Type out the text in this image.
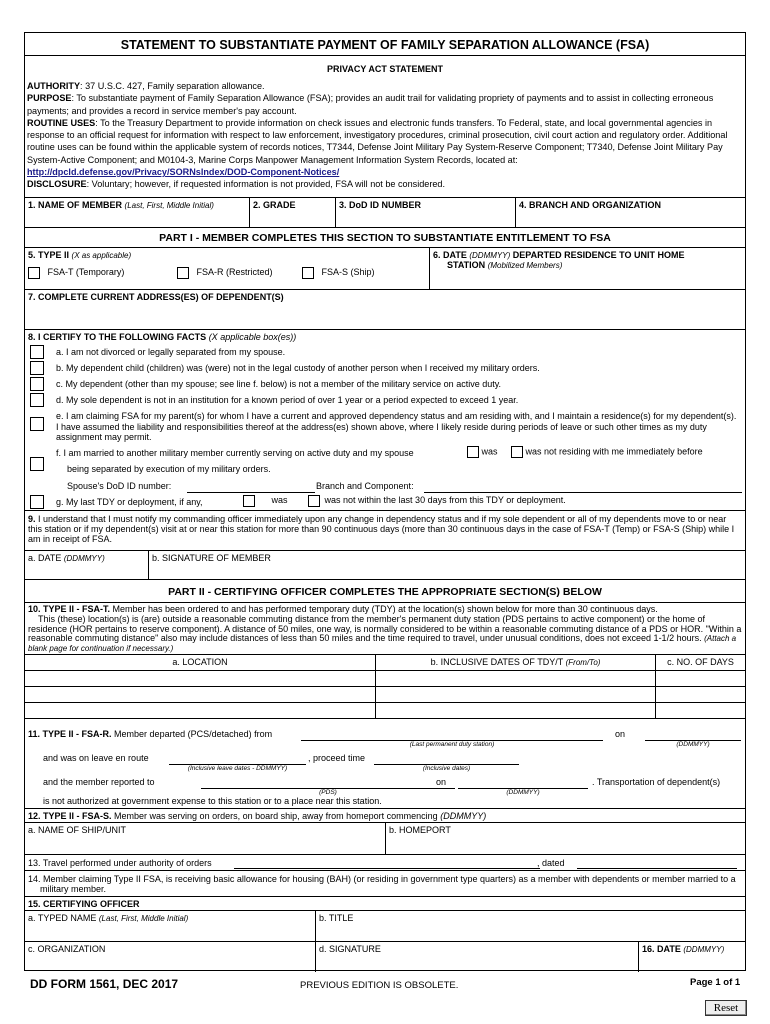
STATEMENT TO SUBSTANTIATE PAYMENT OF FAMILY SEPARATION ALLOWANCE (FSA)
PRIVACY ACT STATEMENT
AUTHORITY: 37 U.S.C. 427, Family separation allowance.
PURPOSE: To substantiate payment of Family Separation Allowance (FSA); provides an audit trail for validating propriety of payments and to assist in collecting erroneous payments; and provides a record in service member's pay account.
ROUTINE USES: To the Treasury Department to provide information on check issues and electronic funds transfers. To Federal, state, and local governmental agencies in response to an official request for information with respect to law enforcement, investigatory procedures, criminal prosecution, civil court action and regulatory order. Additional routine uses can be found within the applicable system of records notices, T7344, Defense Joint Military Pay System-Reserve Component; T7340, Defense Joint Military Pay System-Active Component; and M0104-3, Marine Corps Manpower Management Information System Records, located at: http://dpcld.defense.gov/Privacy/SORNsIndex/DOD-Component-Notices/
DISCLOSURE: Voluntary; however, if requested information is not provided, FSA will not be considered.
1. NAME OF MEMBER (Last, First, Middle Initial)	2. GRADE	3. DoD ID NUMBER	4. BRANCH AND ORGANIZATION
PART I - MEMBER COMPLETES THIS SECTION TO SUBSTANTIATE ENTITLEMENT TO FSA
5. TYPE II (X as applicable)
FSA-T (Temporary)	FSA-R (Restricted)	FSA-S (Ship)
6. DATE (DDMMYY) DEPARTED RESIDENCE TO UNIT HOME
STATION (Mobilized Members)
7. COMPLETE CURRENT ADDRESS(ES) OF DEPENDENT(S)
8. I CERTIFY TO THE FOLLOWING FACTS (X applicable box(es))
a. I am not divorced or legally separated from my spouse.
b. My dependent child (children) was (were) not in the legal custody of another person when I received my military orders.
c. My dependent (other than my spouse; see line f. below) is not a member of the military service on active duty.
d. My sole dependent is not in an institution for a known period of over 1 year or a period expected to exceed 1 year.
e. I am claiming FSA for my parent(s) for whom I have a current and approved dependency status and am residing with, and I maintain a residence(s) for my dependent(s). I have assumed the liability and responsibilities thereof at the address(es) shown above, where I likely reside during periods of leave or such other times as my duty assignment may permit.
f. I am married to another military member currently serving on active duty and my spouse	was	was not residing with me immediately before
being separated by execution of my military orders.
Spouse's DoD ID number:	Branch and Component:
g. My last TDY or deployment, if any,	was	was not within the last 30 days from this TDY or deployment.
9. I understand that I must notify my commanding officer immediately upon any change in dependency status and if my sole dependent or all of my dependents move to or near this station or if my dependent(s) visit at or near this station for more than 90 continuous days (more than 30 continuous days in the case of FSA-T (Temp) or FSA-S (Ship) while I am in receipt of FSA.
a. DATE (DDMMYY)	b. SIGNATURE OF MEMBER
PART II - CERTIFYING OFFICER COMPLETES THE APPROPRIATE SECTION(S) BELOW
10. TYPE II - FSA-T. Member has been ordered to and has performed temporary duty (TDY) at the location(s) shown below for more than 30 continuous days.
This (these) location(s) is (are) outside a reasonable commuting distance from the member's permanent duty station (PDS pertains to active component) or the home of residence (HOR pertains to reserve component). A distance of 50 miles, one way, is normally considered to be within a reasonable commuting distance of a PDS or HOR. "Within a reasonable commuting distance" also may include distances of less than 50 miles and the time required to travel, under unusual conditions, does not exceed 1-1/2 hours. (Attach a blank page for continuation if necessary.)
a. LOCATION	b. INCLUSIVE DATES OF TDY/T (From/To)	c. NO. OF DAYS
11. TYPE II - FSA-R. Member departed (PCS/detached) from
(Last permanent duty station)
on
(DDMMYY)
and was on leave en route
(Inclusive leave dates - DDMMYY)
, proceed time
(Inclusive dates)
and the member reported to
(PDS)
on
(DDMMYY)
. Transportation of dependent(s)
is not authorized at government expense to this station or to a place near this station.
12. TYPE II - FSA-S. Member was serving on orders, on board ship, away from homeport commencing (DDMMYY)
a. NAME OF SHIP/UNIT	b. HOMEPORT
13. Travel performed under authority of orders	, dated
14. Member claiming Type II FSA, is receiving basic allowance for housing (BAH) (or residing in government type quarters) as a member with dependents or member married to a military member.
15. CERTIFYING OFFICER
a. TYPED NAME (Last, First, Middle Initial)	b. TITLE
c. ORGANIZATION	d. SIGNATURE	16. DATE (DDMMYY)
DD FORM 1561, DEC 2017	PREVIOUS EDITION IS OBSOLETE.	Page 1 of 1
Reset
